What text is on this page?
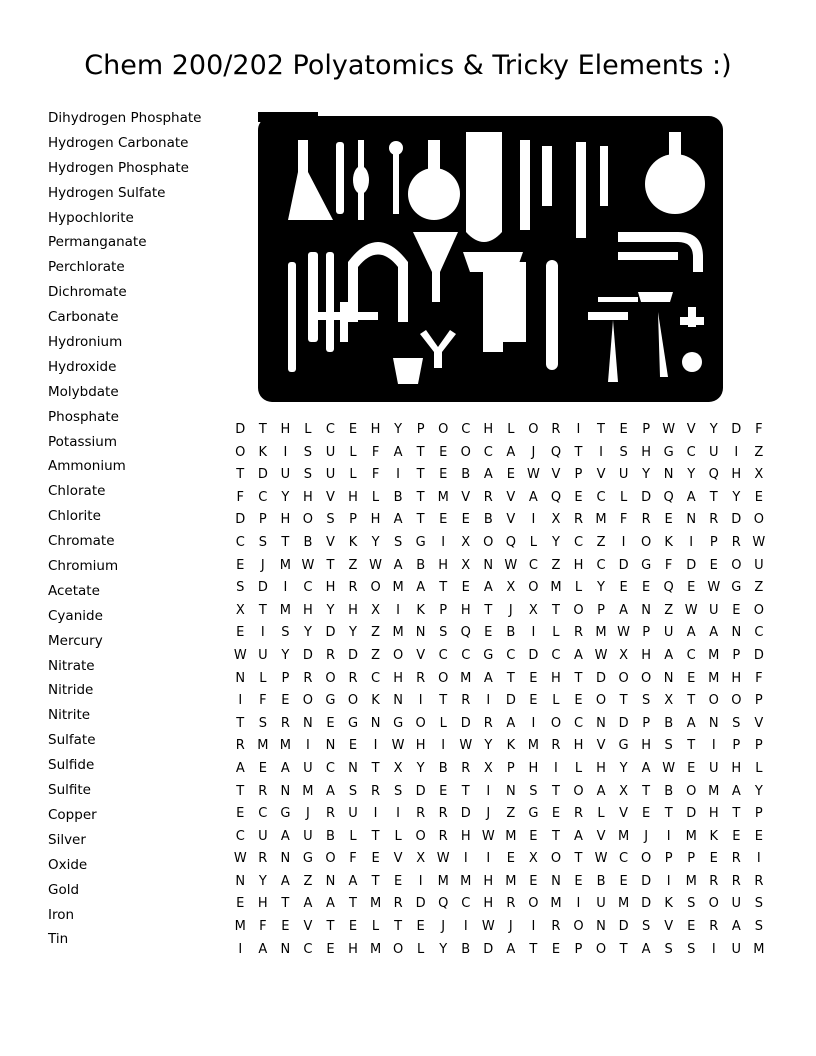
Chem 200/202 Polyatomics & Tricky Elements :)
Dihydrogen Phosphate
Hydrogen Carbonate
Hydrogen Phosphate
Hydrogen Sulfate
Hypochlorite
Permanganate
Perchlorate
Dichromate
Carbonate
Hydronium
Hydroxide
Molybdate
Phosphate
Potassium
Ammonium
Chlorate
Chlorite
Chromate
Chromium
Acetate
Cyanide
Mercury
Nitrate
Nitride
Nitrite
Sulfate
Sulfide
Sulfite
Copper
Silver
Oxide
Gold
Iron
Tin
D	T	H	L	C	E	H	Y	P	O C	H	L	O R	I	T	E	P W V	Y	D	F
O	K	I	S	U	L	F	A	T	E	O C	A	J	Q	T	I	S	H G C	U	I	Z
T	D U	S	U	L	F	I	T	E	B	A	E W V	P	V	U	Y	N	Y	Q H	X
F	C	Y	H	V	H	L	B	T M V	R	V	A Q	E	C	L	D Q A	T	Y	E
D	P	H O	S	P	H	A	T	E	E	B	V	I	X	R M	F	R	E	N	R	D O
C	S	T	B	V	K	Y	S	G	I	X O Q	L	Y	C	Z	I	O	K	I	P	R W
E	J	M W T	Z W A	B	H	X	N W C	Z	H	C	D G	F	D	E	O U
S	D	I	C	H	R O M A	T	E	A	X O M	L	Y	E	E	Q	E W G	Z
X	T M H	Y	H	X	I	K	P	H	T	J	X	T	O	P	A	N	Z W U	E	O
E	I	S	Y	D	Y	Z M N	S	Q	E	B	I	L	R M W P	U	A	A	N	C
W U	Y	D	R	D	Z O V	C	C G C	D	C	A W X	H	A	C M	P	D
N	L	P	R O R	C	H	R O M A	T	E	H	T	D O O N	E M H	F
I	F	E	O G O	K	N	I	T	R	I	D	E	L	E	O	T	S	X	T	O O	P
T	S	R	N	E	G N G O	L	D	R	A	I	O C	N D	P	B	A	N	S	V
R M M	I	N	E	I	W H	I	W Y	K M R	H	V	G H	S	T	I	P	P
A	E	A	U	C	N	T	X	Y	B	R	X	P	H	I	L	H	Y	A W E	U H	L
T	R	N M A	S	R	S	D	E	T	I	N	S	T	O A	X	T	B O M A	Y
E	C G	J	R	U	I	I	R	R	D	J	Z	G	E	R	L	V	E	T	D H	T	P
C	U	A	U	B	L	T	L	O R	H W M E	T	A	V M	J	I	M K	E	E
W R	N G O	F	E	V	X W	I	I	E	X O	T W C O	P	P	E	R	I
N	Y	A	Z	N	A	T	E	I	M M H M E	N	E	B	E	D	I	M R	R	R
E	H	T	A	A	T M R	D Q C	H	R O M	I	U M D	K	S	O U	S
M	F	E	V	T	E	L	T	E	J	I	W	J	I	R O N D	S	V	E	R	A	S
I	A	N	C	E	H M O	L	Y	B	D	A	T	E	P	O	T	A	S	S	I	U M
